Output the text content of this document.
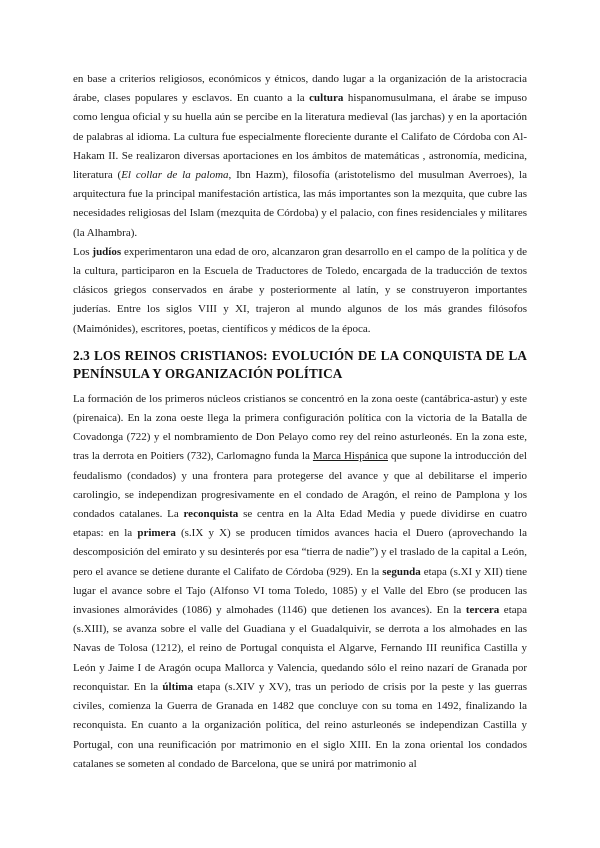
en base a criterios religiosos, económicos y étnicos, dando lugar a la organización de la aristocracia árabe, clases populares y esclavos. En cuanto a la cultura hispanomusulmana, el árabe se impuso como lengua oficial y su huella aún se percibe en la literatura medieval (las jarchas) y en la aportación de palabras al idioma. La cultura fue especialmente floreciente durante el Califato de Córdoba con Al-Hakam II. Se realizaron diversas aportaciones en los ámbitos de matemáticas , astronomía, medicina, literatura (El collar de la paloma, Ibn Hazm), filosofía (aristotelismo del musulman Averroes), la arquitectura fue la principal manifestación artística, las más importantes son la mezquita, que cubre las necesidades religiosas del Islam (mezquita de Córdoba) y el palacio, con fines residenciales y militares (la Alhambra).

Los judíos experimentaron una edad de oro, alcanzaron gran desarrollo en el campo de la política y de la cultura, participaron en la Escuela de Traductores de Toledo, encargada de la traducción de textos clásicos griegos conservados en árabe y posteriormente al latín, y se construyeron importantes juderías. Entre los siglos VIII y XI, trajeron al mundo algunos de los más grandes filósofos (Maimónides), escritores, poetas, científicos y médicos de la época.

2.3 LOS REINOS CRISTIANOS: EVOLUCIÓN DE LA CONQUISTA DE LA PENÍNSULA Y ORGANIZACIÓN POLÍTICA

La formación de los primeros núcleos cristianos se concentró en la zona oeste (cantábrica-astur) y este (pirenaica). En la zona oeste llega la primera configuración política con la victoria de la Batalla de Covadonga (722) y el nombramiento de Don Pelayo como rey del reino asturleonés. En la zona este, tras la derrota en Poitiers (732), Carlomagno funda la Marca Hispánica que supone la introducción del feudalismo (condados) y una frontera para protegerse del avance y que al debilitarse el imperio carolingio, se independizan progresivamente en el condado de Aragón, el reino de Pamplona y los condados catalanes. La reconquista se centra en la Alta Edad Media y puede dividirse en cuatro etapas: en la primera (s.IX y X) se producen tímidos avances hacia el Duero (aprovechando la descomposición del emirato y su desinterés por esa “tierra de nadie”) y el traslado de la capital a León, pero el avance se detiene durante el Califato de Córdoba (929). En la segunda etapa (s.XI y XII) tiene lugar el avance sobre el Tajo (Alfonso VI toma Toledo, 1085) y el Valle del Ebro (se producen las invasiones almorávides (1086) y almohades (1146) que detienen los avances). En la tercera etapa (s.XIII), se avanza sobre el valle del Guadiana y el Guadalquivir, se derrota a los almohades en las Navas de Tolosa (1212), el reino de Portugal conquista el Algarve, Fernando III reunifica Castilla y León y Jaime I de Aragón ocupa Mallorca y Valencia, quedando sólo el reino nazarí de Granada por reconquistar. En la última etapa (s.XIV y XV), tras un periodo de crisis por la peste y las guerras civiles, comienza la Guerra de Granada en 1482 que concluye con su toma en 1492, finalizando la reconquista. En cuanto a la organización política, del reino asturleonés se independizan Castilla y Portugal, con una reunificación por matrimonio en el siglo XIII. En la zona oriental los condados catalanes se someten al condado de Barcelona, que se unirá por matrimonio al
